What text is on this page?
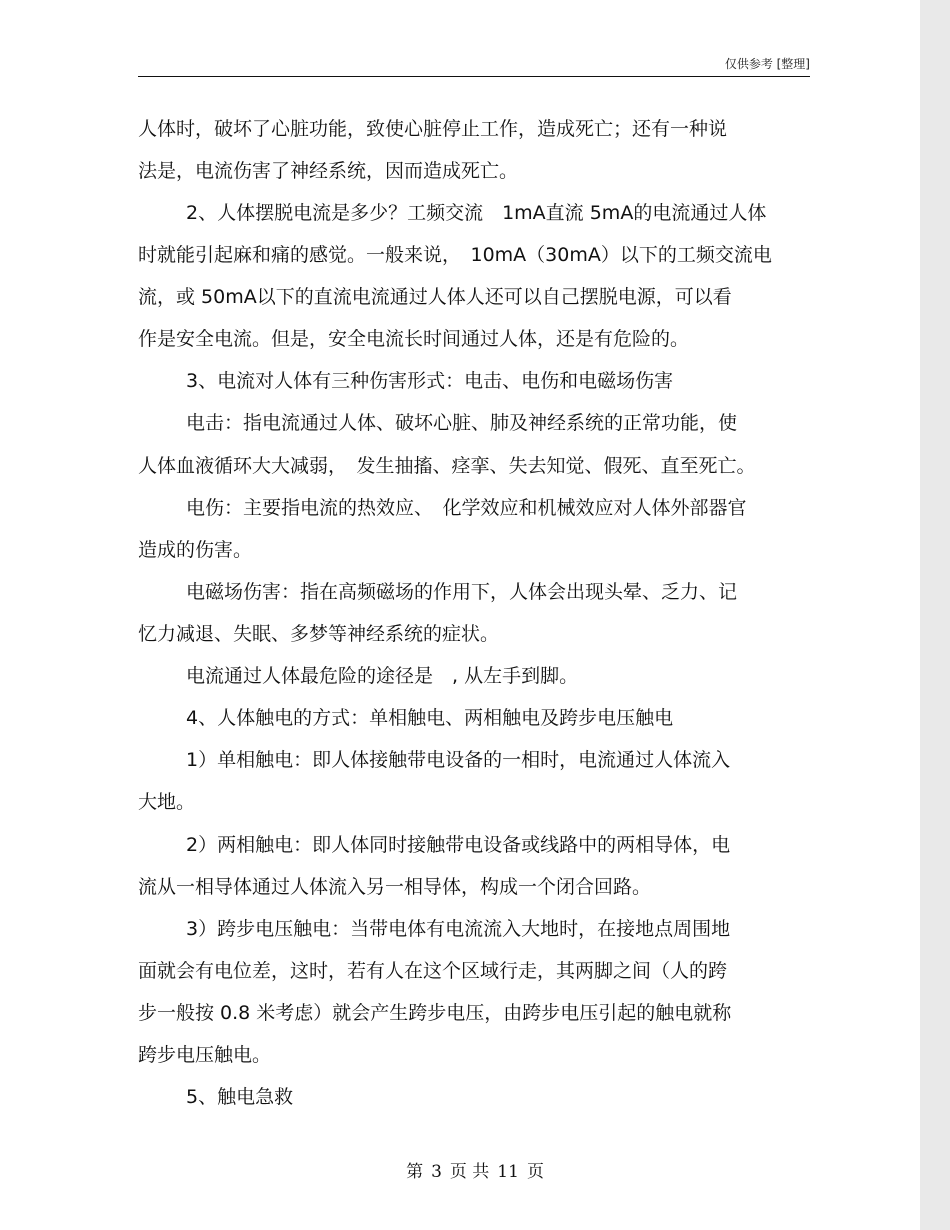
仅供参考 [整理]
人体时，破坏了心脏功能，致使心脏停止工作，造成死亡；还有一种说
法是，电流伤害了神经系统，因而造成死亡。
2、人体摆脱电流是多少？工频交流　1mA直流 5mA的电流通过人体
时就能引起麻和痛的感觉。一般来说，　10mA（30mA）以下的工频交流电
流，或 50mA以下的直流电流通过人体人还可以自己摆脱电源，可以看
作是安全电流。但是，安全电流长时间通过人体，还是有危险的。
3、电流对人体有三种伤害形式：电击、电伤和电磁场伤害
电击：指电流通过人体、破坏心脏、肺及神经系统的正常功能，使
人体血液循环大大减弱，　发生抽搐、痉挛、失去知觉、假死、直至死亡。
电伤：主要指电流的热效应、　化学效应和机械效应对人体外部器官
造成的伤害。
电磁场伤害：指在高频磁场的作用下，人体会出现头晕、乏力、记
忆力减退、失眠、多梦等神经系统的症状。
电流通过人体最危险的途径是　, 从左手到脚。
4、人体触电的方式：单相触电、两相触电及跨步电压触电
1）单相触电：即人体接触带电设备的一相时，电流通过人体流入
大地。
2）两相触电：即人体同时接触带电设备或线路中的两相导体，电
流从一相导体通过人体流入另一相导体，构成一个闭合回路。
3）跨步电压触电：当带电体有电流流入大地时，在接地点周围地
面就会有电位差，这时，若有人在这个区域行走，其两脚之间（人的跨
步一般按 0.8 米考虑）就会产生跨步电压，由跨步电压引起的触电就称
跨步电压触电。
5、触电急救
第 3 页 共 11 页
